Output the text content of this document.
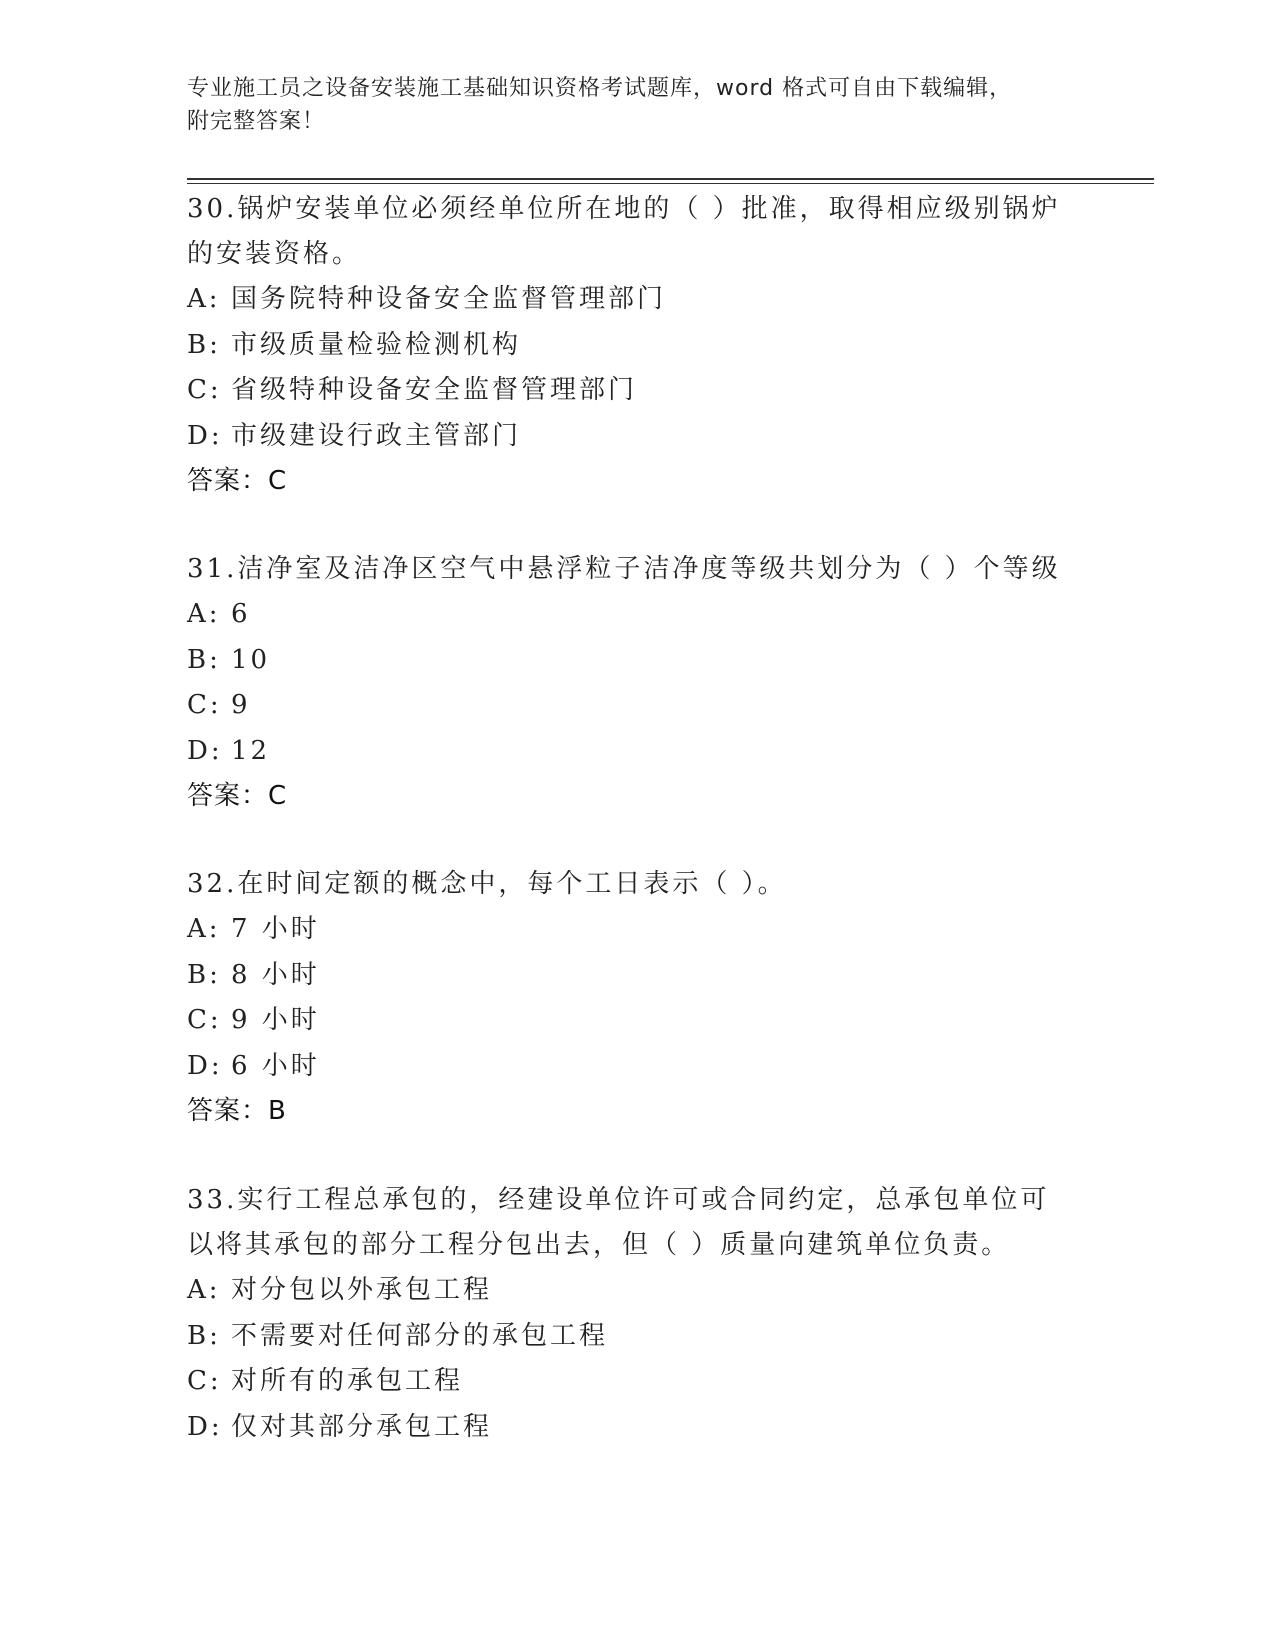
专业施工员之设备安装施工基础知识资格考试题库，word 格式可自由下载编辑，
附完整答案！

30.锅炉安装单位必须经单位所在地的（ ）批准，取得相应级别锅炉的安装资格。

A: 国务院特种设备安全监督管理部门

B: 市级质量检验检测机构

C: 省级特种设备安全监督管理部门

D: 市级建设行政主管部门

答案：C

31.洁净室及洁净区空气中悬浮粒子洁净度等级共划分为（ ）个等级

A: 6

B: 10

C: 9

D: 12

答案：C

32.在时间定额的概念中，每个工日表示（ ）。

A: 7 小时

B: 8 小时

C: 9 小时

D: 6 小时

答案：B

33.实行工程总承包的，经建设单位许可或合同约定，总承包单位可以将其承包的部分工程分包出去，但（ ）质量向建筑单位负责。

A: 对分包以外承包工程

B: 不需要对任何部分的承包工程

C: 对所有的承包工程

D: 仅对其部分承包工程
